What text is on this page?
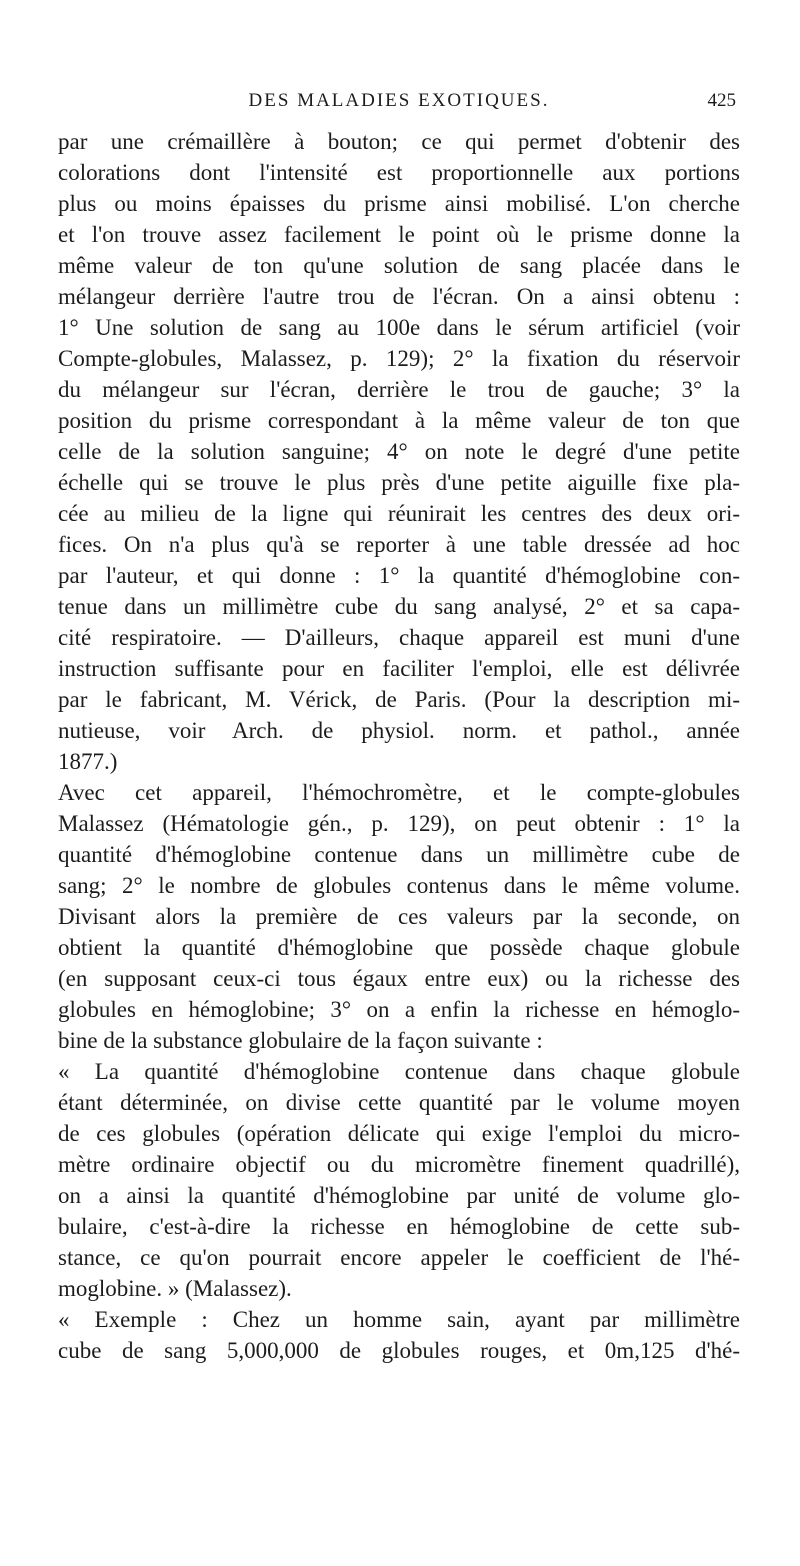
DES MALADIES EXOTIQUES.	425
par une crémaillère à bouton; ce qui permet d'obtenir des
colorations dont l'intensité est proportionnelle aux portions
plus ou moins épaisses du prisme ainsi mobilisé. L'on cherche
et l'on trouve assez facilement le point où le prisme donne la
même valeur de ton qu'une solution de sang placée dans le
mélangeur derrière l'autre trou de l'écran. On a ainsi obtenu :
1° Une solution de sang au 100e dans le sérum artificiel (voir
Compte-globules, Malassez, p. 129); 2° la fixation du réservoir
du mélangeur sur l'écran, derrière le trou de gauche; 3° la
position du prisme correspondant à la même valeur de ton que
celle de la solution sanguine; 4° on note le degré d'une petite
échelle qui se trouve le plus près d'une petite aiguille fixe pla-
cée au milieu de la ligne qui réunirait les centres des deux ori-
fices. On n'a plus qu'à se reporter à une table dressée ad hoc
par l'auteur, et qui donne : 1° la quantité d'hémoglobine con-
tenue dans un millimètre cube du sang analysé, 2° et sa capa-
cité respiratoire. — D'ailleurs, chaque appareil est muni d'une
instruction suffisante pour en faciliter l'emploi, elle est délivrée
par le fabricant, M. Vérick, de Paris. (Pour la description mi-
nutieuse, voir Arch. de physiol. norm. et pathol., année
1877.)
Avec cet appareil, l'hémochromètre, et le compte-globules
Malassez (Hématologie gén., p. 129), on peut obtenir : 1° la
quantité d'hémoglobine contenue dans un millimètre cube de
sang; 2° le nombre de globules contenus dans le même volume.
Divisant alors la première de ces valeurs par la seconde, on
obtient la quantité d'hémoglobine que possède chaque globule
(en supposant ceux-ci tous égaux entre eux) ou la richesse des
globules en hémoglobine; 3° on a enfin la richesse en hémoglo-
bine de la substance globulaire de la façon suivante :
« La quantité d'hémoglobine contenue dans chaque globule
étant déterminée, on divise cette quantité par le volume moyen
de ces globules (opération délicate qui exige l'emploi du micro-
mètre ordinaire objectif ou du micromètre finement quadrillé),
on a ainsi la quantité d'hémoglobine par unité de volume glo-
bulaire, c'est-à-dire la richesse en hémoglobine de cette sub-
stance, ce qu'on pourrait encore appeler le coefficient de l'hé-
moglobine. » (Malassez).
« Exemple : Chez un homme sain, ayant par millimètre
cube de sang 5,000,000 de globules rouges, et 0m,125 d'hé-
